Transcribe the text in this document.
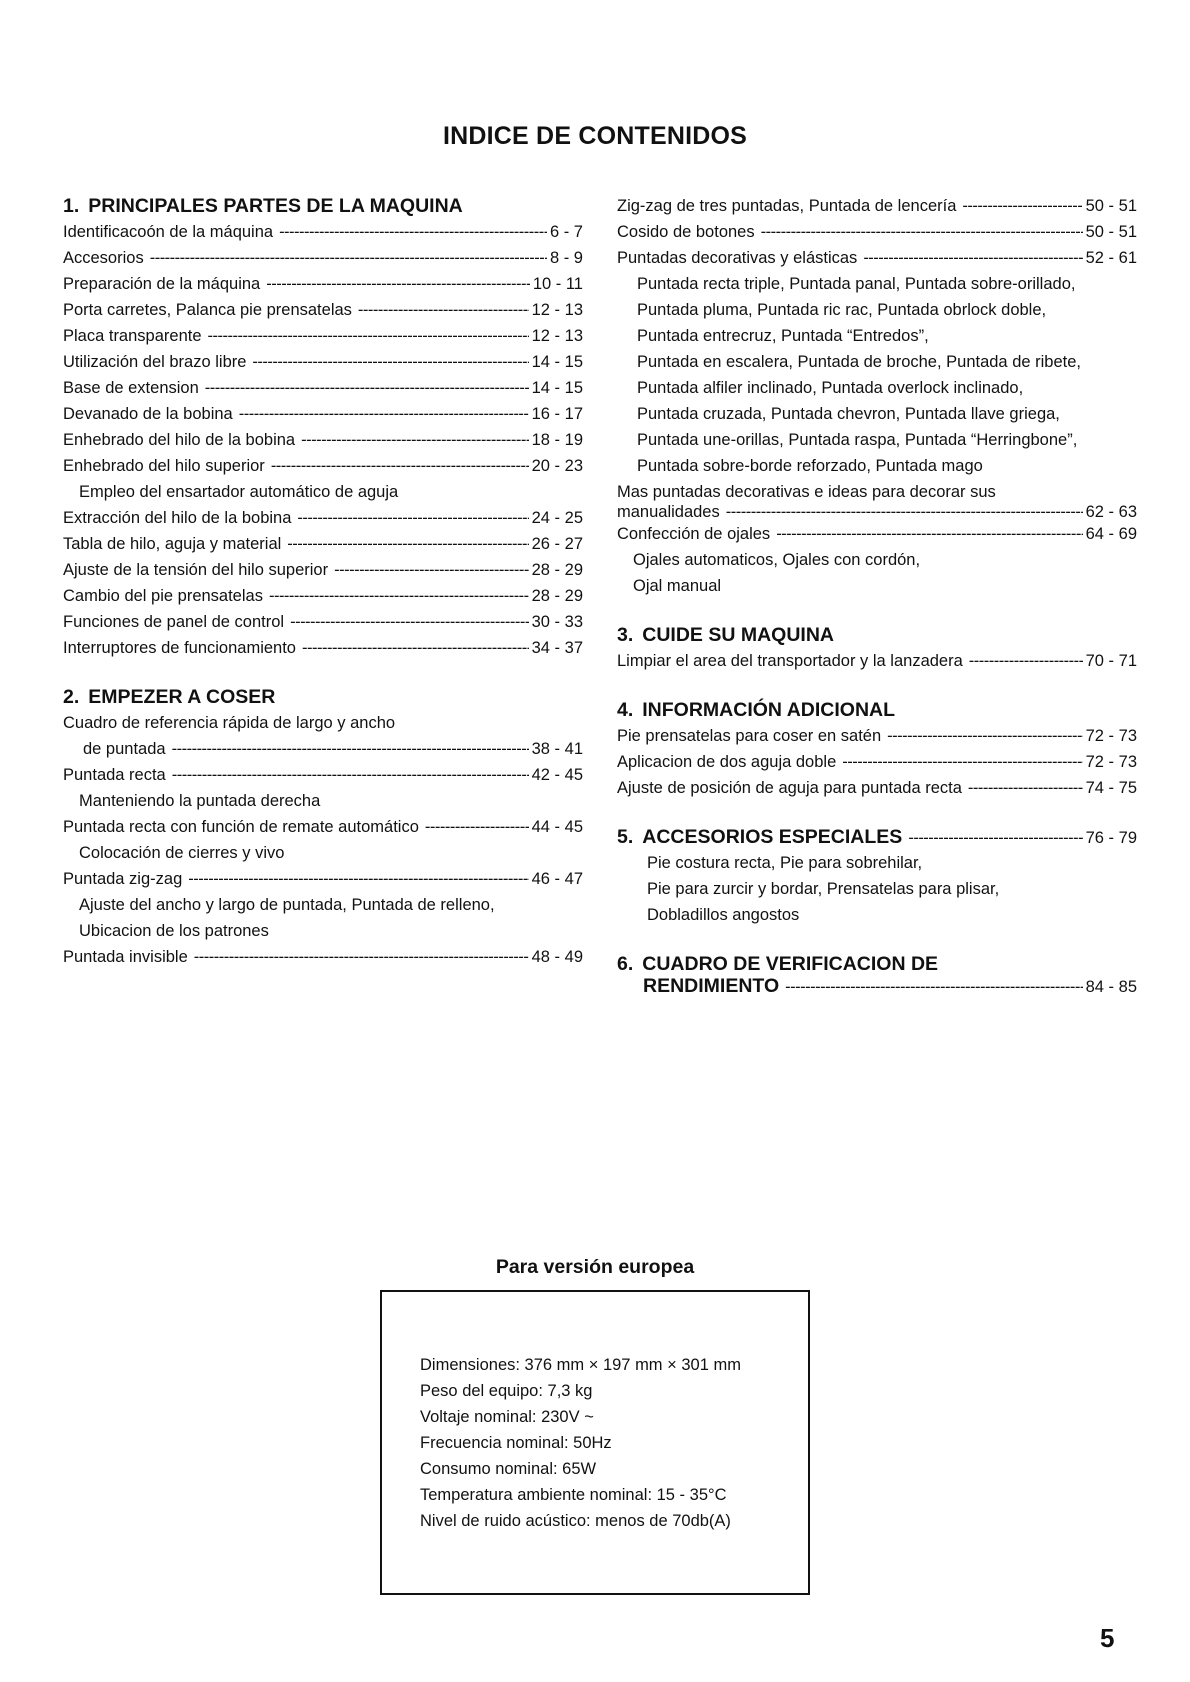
INDICE DE CONTENIDOS
1. PRINCIPALES PARTES DE LA MAQUINA
Identificacoón de la máquina -----	6 - 7
Accesorios -----	8 - 9
Preparación de la máquina -----	10 - 11
Porta carretes, Palanca pie prensatelas -----	12 - 13
Placa transparente -----	12 - 13
Utilización del brazo libre -----	14 - 15
Base de extension -----	14 - 15
Devanado de la bobina -----	16 - 17
Enhebrado del hilo de la bobina -----	18 - 19
Enhebrado del hilo superior -----	20 - 23
Empleo del ensartador automático de aguja
Extracción del hilo de la bobina -----	24 - 25
Tabla de hilo, aguja y material -----	26 - 27
Ajuste de la tensión del hilo superior -----	28 - 29
Cambio del pie prensatelas -----	28 - 29
Funciones de panel de control -----	30 - 33
Interruptores de funcionamiento -----	34 - 37
2. EMPEZER A COSER
Cuadro de referencia rápida de largo y ancho
de puntada -----	38 - 41
Puntada recta -----	42 - 45
Manteniendo la puntada derecha
Puntada recta con función de remate automático -----	44 - 45
Colocación de cierres y vivo
Puntada zig-zag -----	46 - 47
Ajuste del ancho y largo de puntada, Puntada de relleno,
Ubicacion de los patrones
Puntada invisible -----	48 - 49
Zig-zag de tres puntadas, Puntada de lencería -----	50 - 51
Cosido de botones -----	50 - 51
Puntadas decorativas y elásticas -----	52 - 61
Puntada recta triple, Puntada panal, Puntada sobre-orillado,
Puntada pluma, Puntada ric rac, Puntada obrlock doble,
Puntada entrecruz, Puntada “Entredos”,
Puntada en escalera, Puntada de broche, Puntada de ribete,
Puntada alfiler inclinado, Puntada overlock inclinado,
Puntada cruzada, Puntada chevron, Puntada llave griega,
Puntada une-orillas, Puntada raspa, Puntada “Herringbone”,
Puntada sobre-borde reforzado, Puntada mago
Mas puntadas decorativas e ideas para decorar sus
manualidades -----	62 - 63
Confección de ojales -----	64 - 69
Ojales automaticos, Ojales con cordón,
Ojal manual
3. CUIDE SU MAQUINA
Limpiar el area del transportador y la lanzadera -----	70 - 71
4. INFORMACIÓN ADICIONAL
Pie prensatelas para coser en satén -----	72 - 73
Aplicacion de dos aguja doble -----	72 - 73
Ajuste de posición de aguja para puntada recta -----	74 - 75
5. ACCESORIOS ESPECIALES -----	76 - 79
Pie costura recta, Pie para sobrehilar,
Pie para zurcir y bordar, Prensatelas para plisar,
Dobladillos angostos
6. CUADRO DE VERIFICACION DE
RENDIMIENTO -----	84 - 85
Para versión europea
Dimensiones: 376 mm × 197 mm × 301 mm
Peso del equipo: 7,3 kg
Voltaje nominal: 230V ~
Frecuencia nominal: 50Hz
Consumo nominal: 65W
Temperatura ambiente nominal: 15 - 35°C
Nivel de ruido acústico: menos de 70db(A)
5
